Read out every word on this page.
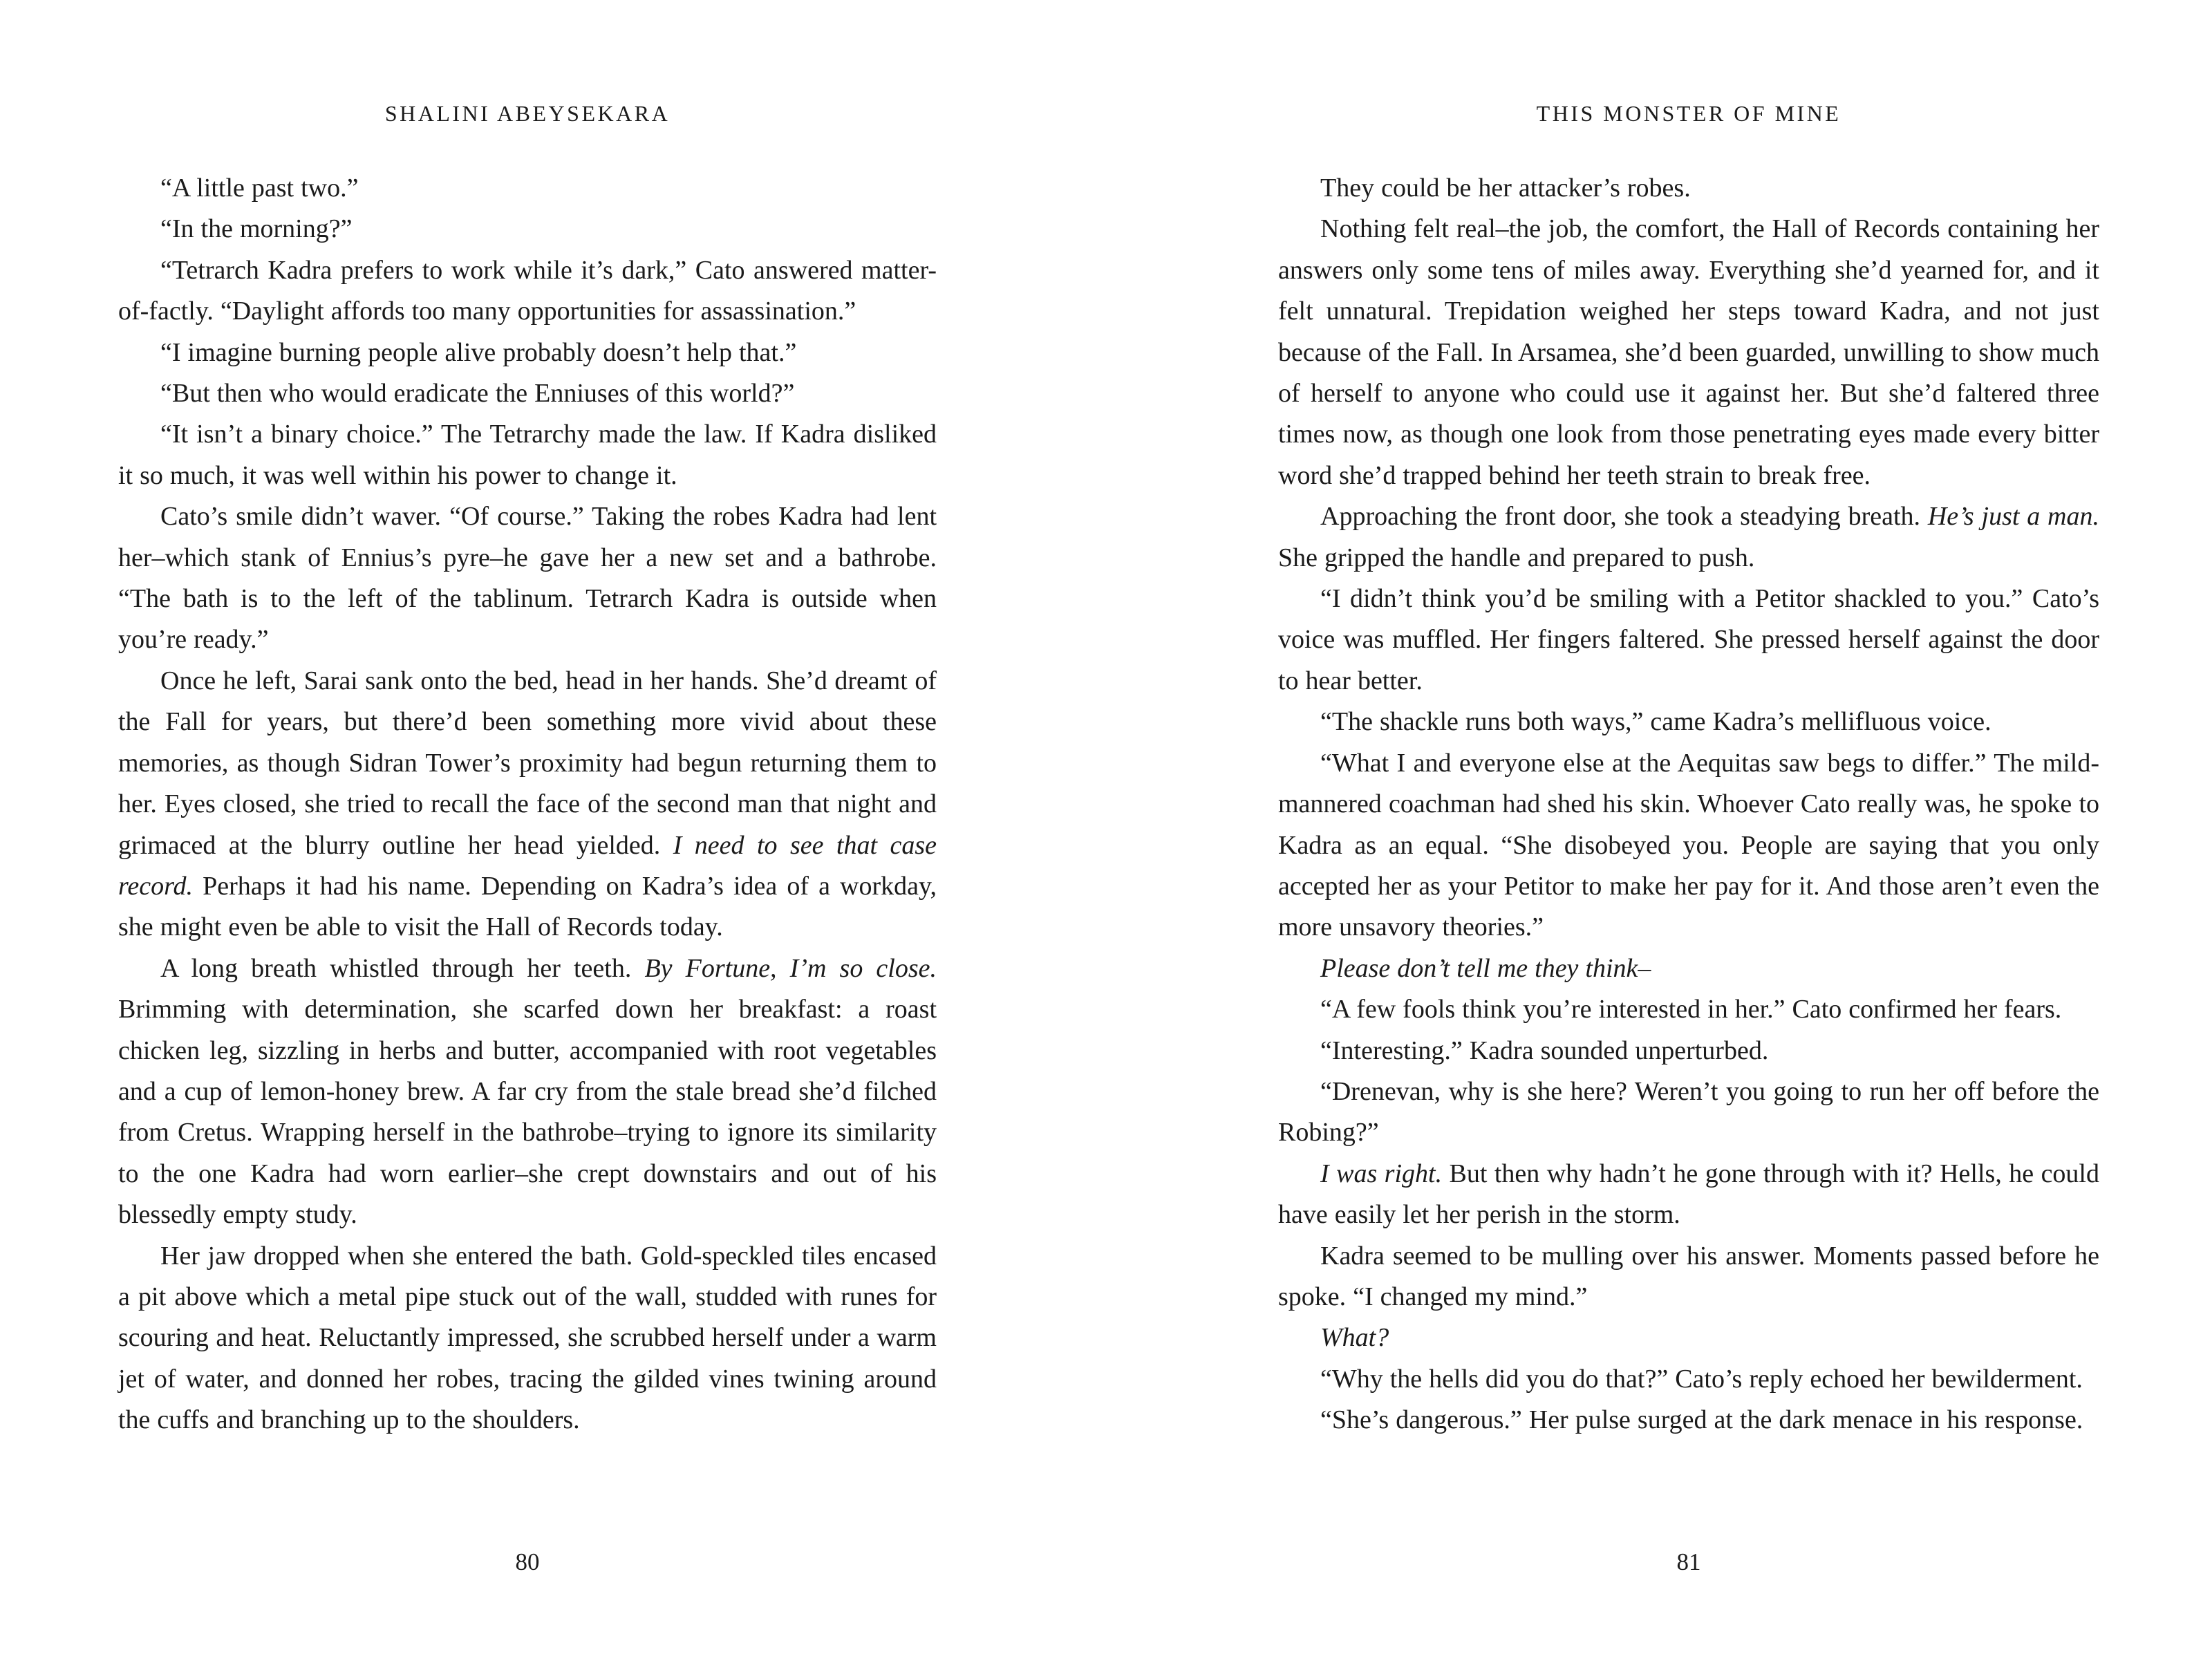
SHALINI ABEYSEKARA

“A little past two.”

“In the morning?”

“Tetrarch Kadra prefers to work while it’s dark,” Cato answered matter-of-factly. “Daylight affords too many opportunities for assassination.”

“I imagine burning people alive probably doesn’t help that.”

“But then who would eradicate the Enniuses of this world?”

“It isn’t a binary choice.” The Tetrarchy made the law. If Kadra disliked it so much, it was well within his power to change it.

Cato’s smile didn’t waver. “Of course.” Taking the robes Kadra had lent her–which stank of Ennius’s pyre–he gave her a new set and a bathrobe. “The bath is to the left of the tablinum. Tetrarch Kadra is outside when you’re ready.”

Once he left, Sarai sank onto the bed, head in her hands. She’d dreamt of the Fall for years, but there’d been something more vivid about these memories, as though Sidran Tower’s proximity had begun returning them to her. Eyes closed, she tried to recall the face of the second man that night and grimaced at the blurry outline her head yielded. I need to see that case record. Perhaps it had his name. Depending on Kadra’s idea of a workday, she might even be able to visit the Hall of Records today.

A long breath whistled through her teeth. By Fortune, I’m so close. Brimming with determination, she scarfed down her breakfast: a roast chicken leg, sizzling in herbs and butter, accompanied with root vegetables and a cup of lemon-honey brew. A far cry from the stale bread she’d filched from Cretus. Wrapping herself in the bathrobe–trying to ignore its similarity to the one Kadra had worn earlier–she crept downstairs and out of his blessedly empty study.

Her jaw dropped when she entered the bath. Gold-speckled tiles encased a pit above which a metal pipe stuck out of the wall, studded with runes for scouring and heat. Reluctantly impressed, she scrubbed herself under a warm jet of water, and donned her robes, tracing the gilded vines twining around the cuffs and branching up to the shoulders.

80
THIS MONSTER OF MINE

They could be her attacker’s robes.

Nothing felt real–the job, the comfort, the Hall of Records containing her answers only some tens of miles away. Everything she’d yearned for, and it felt unnatural. Trepidation weighed her steps toward Kadra, and not just because of the Fall. In Arsamea, she’d been guarded, unwilling to show much of herself to anyone who could use it against her. But she’d faltered three times now, as though one look from those penetrating eyes made every bitter word she’d trapped behind her teeth strain to break free.

Approaching the front door, she took a steadying breath. He’s just a man. She gripped the handle and prepared to push.

“I didn’t think you’d be smiling with a Petitor shackled to you.” Cato’s voice was muffled. Her fingers faltered. She pressed herself against the door to hear better.

“The shackle runs both ways,” came Kadra’s mellifluous voice.

“What I and everyone else at the Aequitas saw begs to differ.” The mild-mannered coachman had shed his skin. Whoever Cato really was, he spoke to Kadra as an equal. “She disobeyed you. People are saying that you only accepted her as your Petitor to make her pay for it. And those aren’t even the more unsavory theories.”

Please don’t tell me they think–

“A few fools think you’re interested in her.” Cato confirmed her fears.

“Interesting.” Kadra sounded unperturbed.

“Drenevan, why is she here? Weren’t you going to run her off before the Robing?”

I was right. But then why hadn’t he gone through with it? Hells, he could have easily let her perish in the storm.

Kadra seemed to be mulling over his answer. Moments passed before he spoke. “I changed my mind.”

What?

“Why the hells did you do that?” Cato’s reply echoed her bewilderment.

“She’s dangerous.” Her pulse surged at the dark menace in his response.

81
